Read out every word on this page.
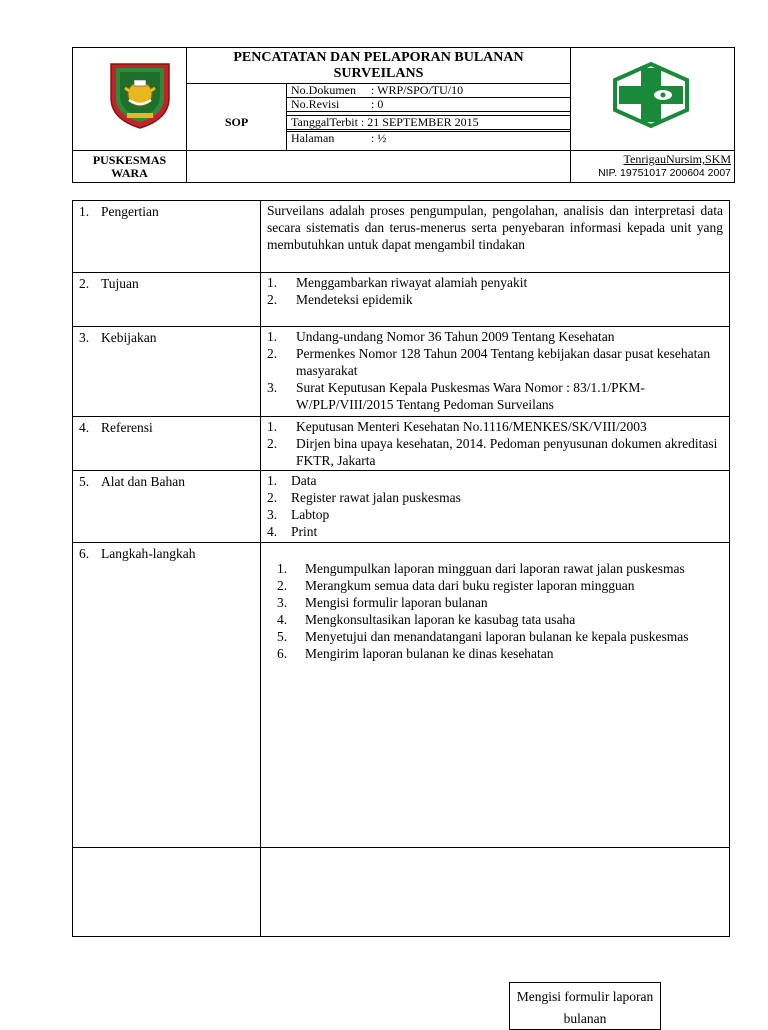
PENCATATAN DAN PELAPORAN BULANAN SURVEILANS
SOP
No.Dokumen : WRP/SPO/TU/10
No.Revisi	: 0
TanggalTerbit : 21 SEPTEMBER 2015
Halaman	: ½
PUSKESMAS
WARA
TenrigauNursim,SKM
NIP. 19751017 200604 2007
1. Pengertian	Surveilans adalah proses pengumpulan, pengolahan, analisis dan interpretasi data secara sistematis dan terus-menerus serta penyebaran informasi kepada unit yang membutuhkan untuk dapat mengambil tindakan
2. Tujuan	1.	Menggambarkan riwayat alamiah penyakit
2.	Mendeteksi epidemik
3. Kebijakan	1.	Undang-undang Nomor 36 Tahun 2009 Tentang Kesehatan
2.	Permenkes Nomor 128 Tahun 2004 Tentang kebijakan dasar pusat kesehatan masyarakat
3.	Surat Keputusan Kepala Puskesmas Wara Nomor : 83/1.1/PKM-W/PLP/VIII/2015 Tentang Pedoman Surveilans
4. Referensi	1.	Keputusan Menteri Kesehatan No.1116/MENKES/SK/VIII/2003
2.	Dirjen bina upaya kesehatan, 2014. Pedoman penyusunan dokumen akreditasi FKTR, Jakarta
5. Alat dan Bahan	1.	Data
2.	Register rawat jalan puskesmas
3.	Labtop
4.	Print
6. Langkah-langkah
1.	Mengumpulkan laporan mingguan dari laporan rawat jalan puskesmas
2.	Merangkum semua data dari buku register laporan mingguan
3.	Mengisi formulir laporan bulanan
4.	Mengkonsultasikan laporan ke kasubag tata usaha
5.	Menyetujui dan menandatangani laporan bulanan ke kepala puskesmas
6.	Mengirim laporan bulanan ke dinas kesehatan
Mengisi formulir laporan bulanan
